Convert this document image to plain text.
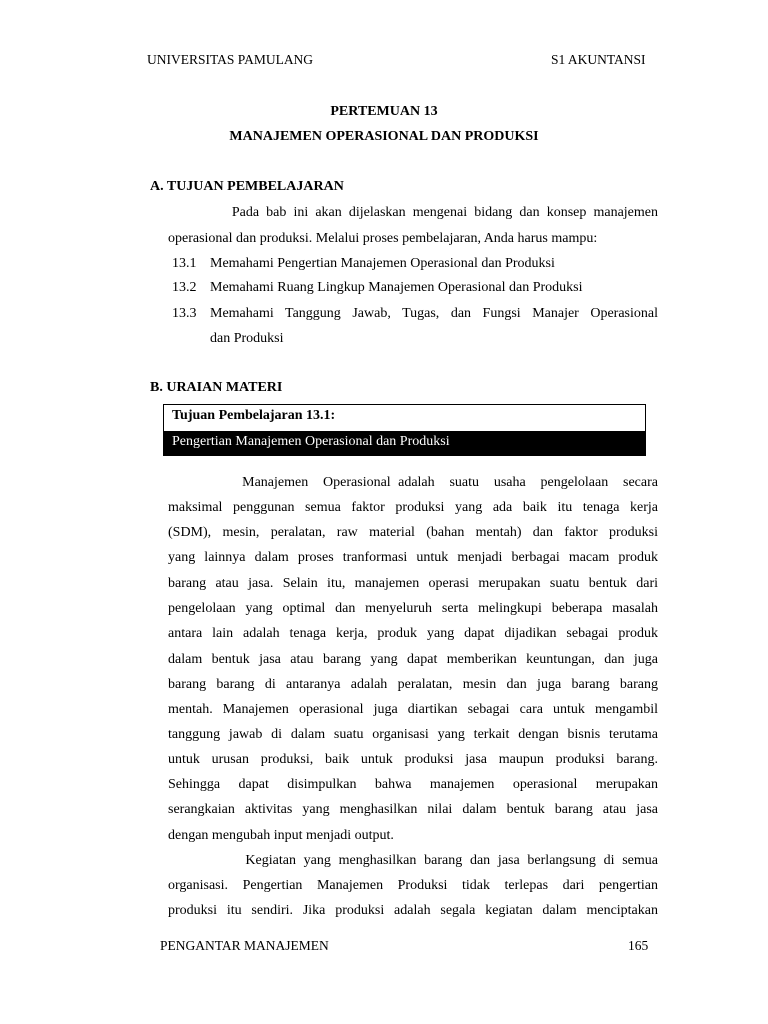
UNIVERSITAS PAMULANG	S1 AKUNTANSI
PERTEMUAN 13
MANAJEMEN OPERASIONAL DAN PRODUKSI
A. TUJUAN PEMBELAJARAN
Pada bab ini akan dijelaskan mengenai bidang dan konsep manajemen
operasional dan produksi. Melalui proses pembelajaran, Anda harus mampu:
13.1 Memahami Pengertian Manajemen Operasional dan Produksi
13.2 Memahami Ruang Lingkup Manajemen Operasional dan Produksi
13.3 Memahami Tanggung Jawab, Tugas, dan Fungsi Manajer Operasional
dan Produksi
B. URAIAN MATERI
Tujuan Pembelajaran 13.1:
Pengertian Manajemen Operasional dan Produksi
Manajemen  Operasional adalah  suatu  usaha  pengelolaan  secara
maksimal penggunan semua faktor produksi yang ada baik itu tenaga kerja
(SDM), mesin, peralatan, raw material (bahan mentah) dan faktor produksi
yang lainnya dalam proses tranformasi untuk menjadi berbagai macam produk
barang atau jasa. Selain itu, manajemen operasi merupakan suatu bentuk dari
pengelolaan yang optimal dan menyeluruh serta melingkupi beberapa masalah
antara lain adalah tenaga kerja, produk yang dapat dijadikan sebagai produk
dalam bentuk jasa atau barang yang dapat memberikan keuntungan, dan juga
barang barang di antaranya adalah peralatan, mesin dan juga barang barang
mentah. Manajemen operasional juga diartikan sebagai cara untuk mengambil
tanggung jawab di dalam suatu organisasi yang terkait dengan bisnis terutama
untuk urusan produksi, baik untuk produksi jasa maupun produksi barang.
Sehingga  dapat  disimpulkan  bahwa  manajemen  operasional  merupakan
serangkaian aktivitas yang menghasilkan nilai dalam bentuk barang atau jasa
dengan mengubah input menjadi output.
Kegiatan yang menghasilkan barang dan jasa berlangsung di semua
organisasi. Pengertian Manajemen Produksi tidak terlepas dari pengertian
produksi itu sendiri. Jika produksi adalah segala kegiatan dalam menciptakan
PENGANTAR MANAJEMEN	165
